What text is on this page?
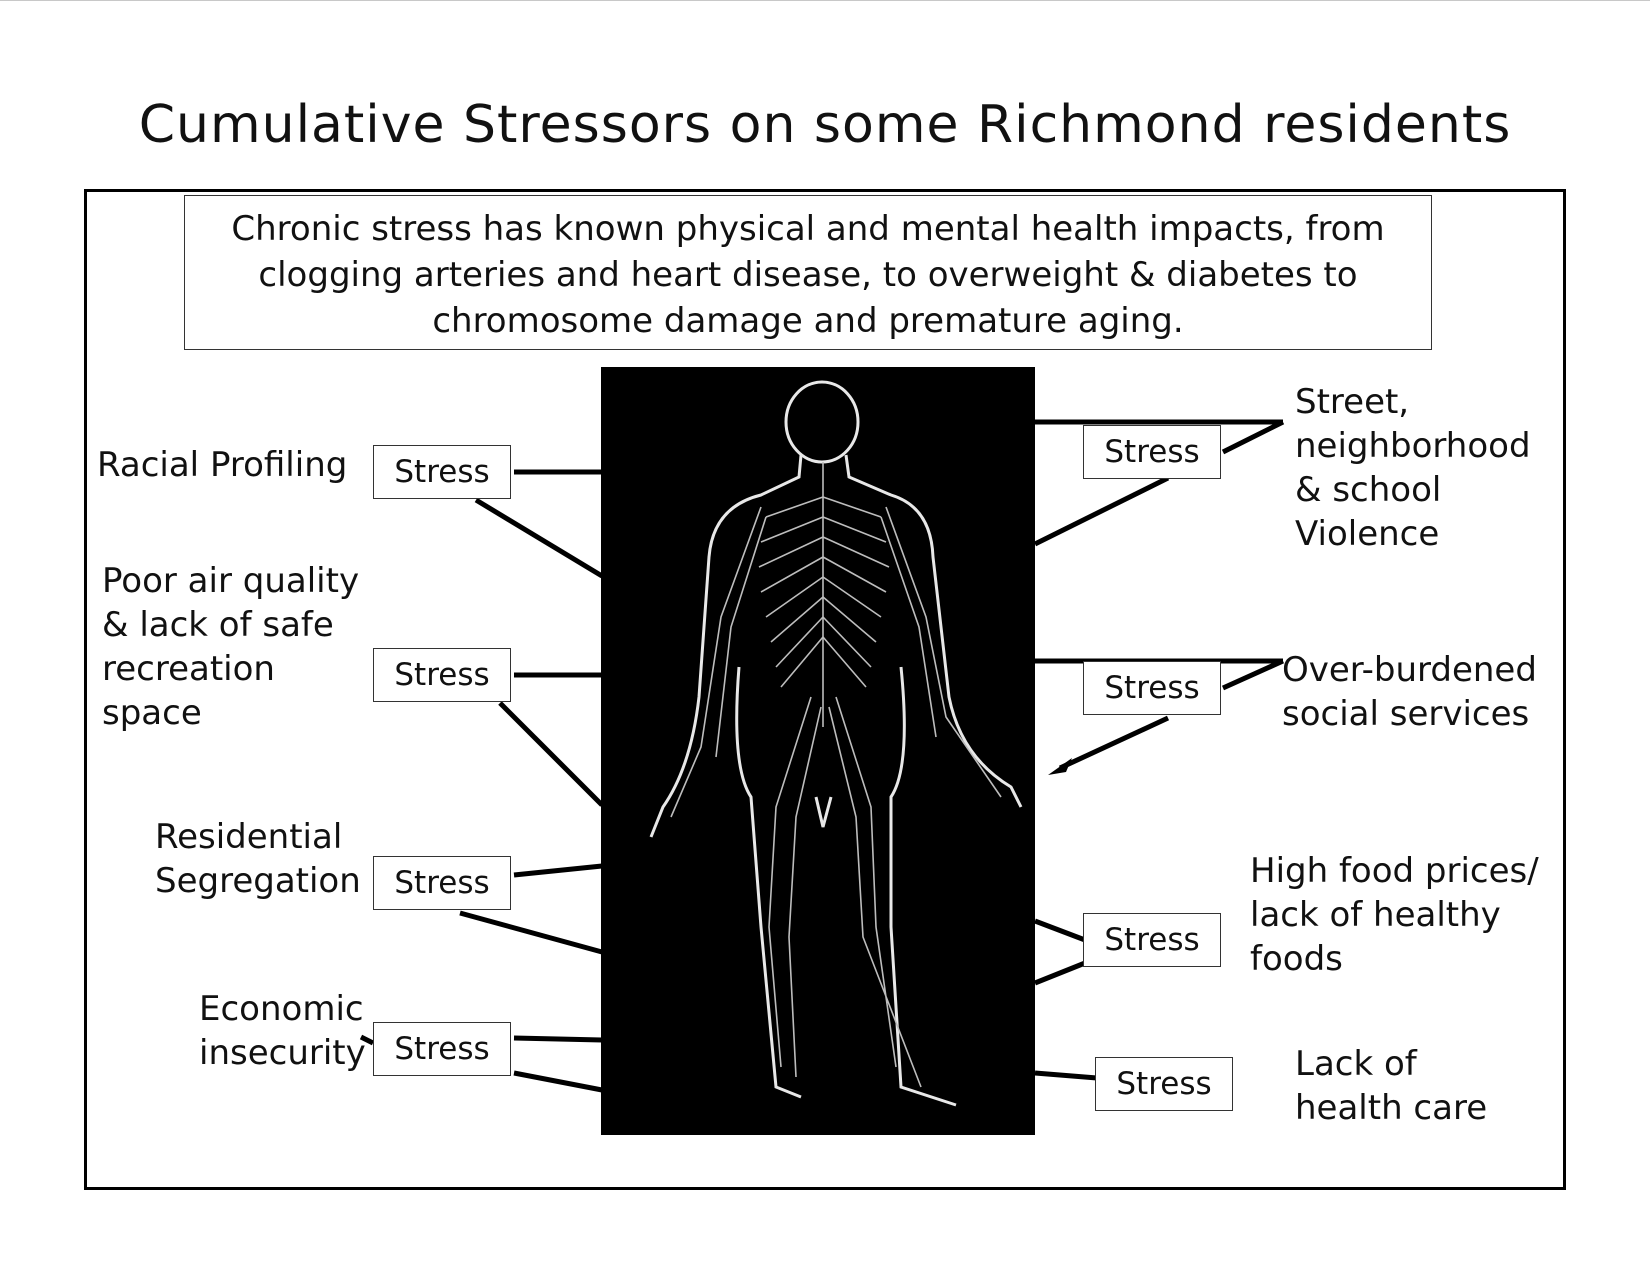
Cumulative Stressors on some Richmond residents
Chronic stress has known physical and mental health impacts, from clogging arteries and heart disease, to overweight & diabetes to chromosome damage and premature aging.
Stress
Stress
Stress
Stress
Stress
Stress
Stress
Stress
Racial Profiling
Poor air quality
& lack of safe
recreation
space
Residential
Segregation
Economic
insecurity
Street,
neighborhood
& school
Violence
Over-burdened
social services
High food prices/
lack of healthy
foods
Lack of
health care
